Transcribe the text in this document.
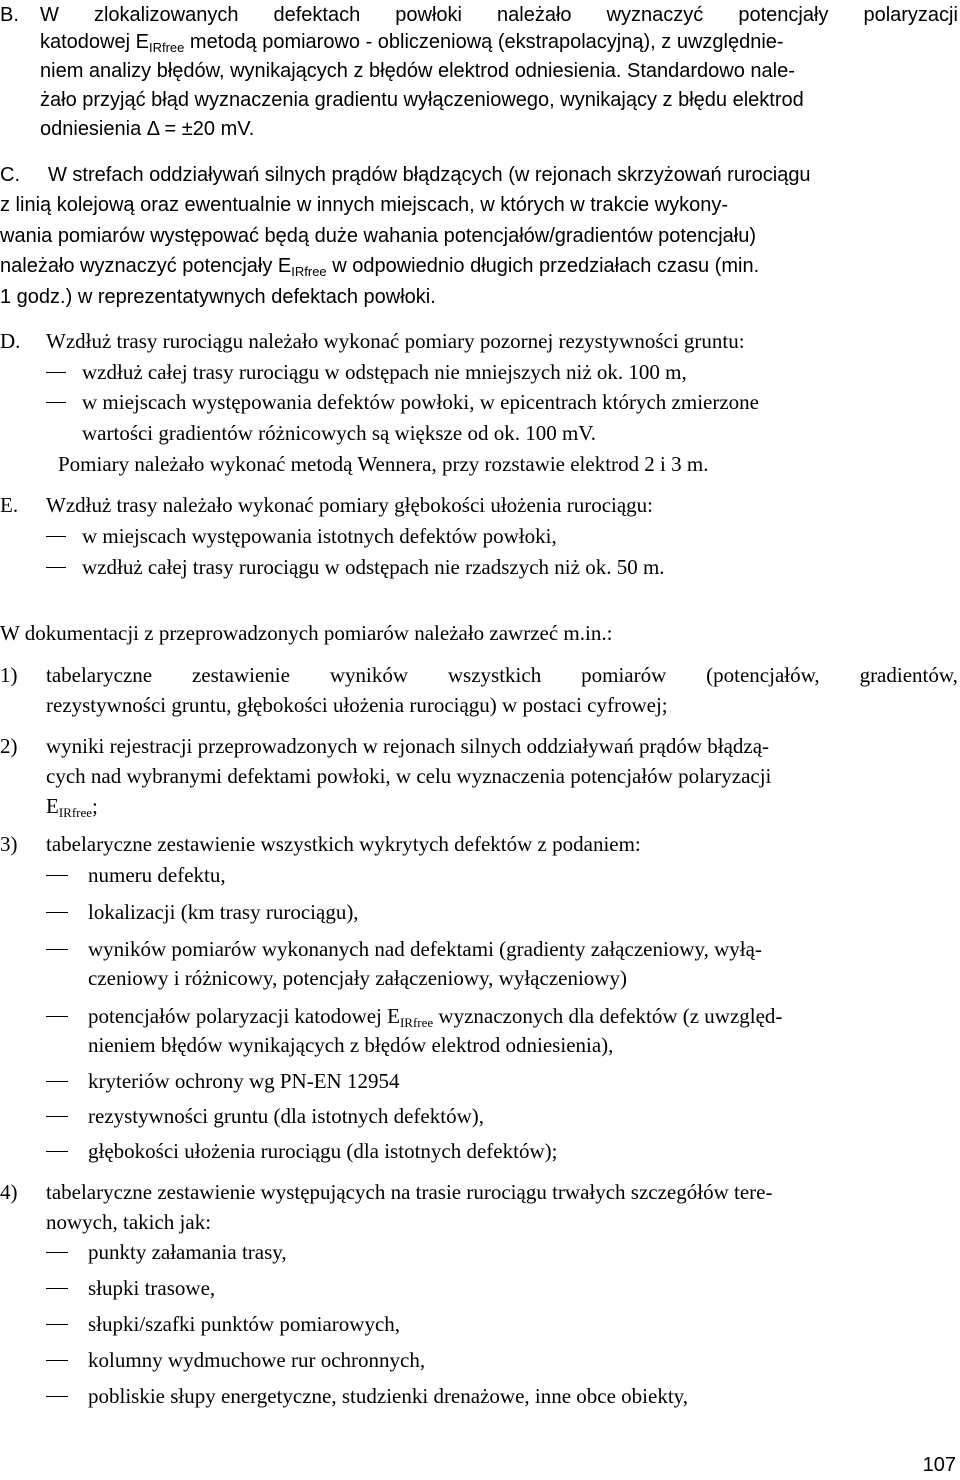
B. W zlokalizowanych defektach powłoki należało wyznaczyć potencjały polaryzacji
katodowej $E_{IRfree}$ metodą pomiarowo - obliczeniową (ekstrapolacyjną), z uwzględnie-
niem analizy błędów, wynikających z błędów elektrod odniesienia. Standardowo nale-
żało przyjąć błąd wyznaczenia gradientu wyłączeniowego, wynikający z błędu elektrod
odniesienia Δ = ±20 mV.
C. W strefach oddziaływań silnych prądów błądzących (w rejonach skrzyżowań rurociągu
z linią kolejową oraz ewentualnie w innych miejscach, w których w trakcie wykony-
wania pomiarów występować będą duże wahania potencjałów/gradientów potencjału)
należało wyznaczyć potencjały $E_{IRfree}$ w odpowiednio długich przedziałach czasu (min.
1 godz.) w reprezentatywnych defektach powłoki.
D. Wzdłuż trasy rurociągu należało wykonać pomiary pozornej rezystywności gruntu:
wzdłuż całej trasy rurociągu w odstępach nie mniejszych niż ok. 100 m,
w miejscach występowania defektów powłoki, w epicentrach których zmierzone
wartości gradientów różnicowych są większe od ok. 100 mV.
Pomiary należało wykonać metodą Wennera, przy rozstawie elektrod 2 i 3 m.
E. Wzdłuż trasy należało wykonać pomiary głębokości ułożenia rurociągu:
w miejscach występowania istotnych defektów powłoki,
wzdłuż całej trasy rurociągu w odstępach nie rzadszych niż ok. 50 m.
W dokumentacji z przeprowadzonych pomiarów należało zawrzeć m.in.:
1) tabelaryczne zestawienie wyników wszystkich pomiarów (potencjałów, gradientów,
rezystywności gruntu, głębokości ułożenia rurociągu) w postaci cyfrowej;
2) wyniki rejestracji przeprowadzonych w rejonach silnych oddziaływań prądów błądzą-
cych nad wybranymi defektami powłoki, w celu wyznaczenia potencjałów polaryzacji
$E_{IRfree}$;
3) tabelaryczne zestawienie wszystkich wykrytych defektów z podaniem:
numeru defektu,
lokalizacji (km trasy rurociągu),
wyników pomiarów wykonanych nad defektami (gradienty załączeniowy, wyłą-
czeniowy i różnicowy, potencjały załączeniowy, wyłączeniowy)
potencjałów polaryzacji katodowej $E_{IRfree}$ wyznaczonych dla defektów (z uwzględ-
nieniem błędów wynikających z błędów elektrod odniesienia),
kryteriów ochrony wg PN-EN 12954
rezystywności gruntu (dla istotnych defektów),
głębokości ułożenia rurociągu (dla istotnych defektów);
4) tabelaryczne zestawienie występujących na trasie rurociągu trwałych szczegółów tere-
nowych, takich jak:
punkty załamania trasy,
słupki trasowe,
słupki/szafki punktów pomiarowych,
kolumny wydmuchowe rur ochronnych,
pobliskie słupy energetyczne, studzienki drenażowe, inne obce obiekty,
107
